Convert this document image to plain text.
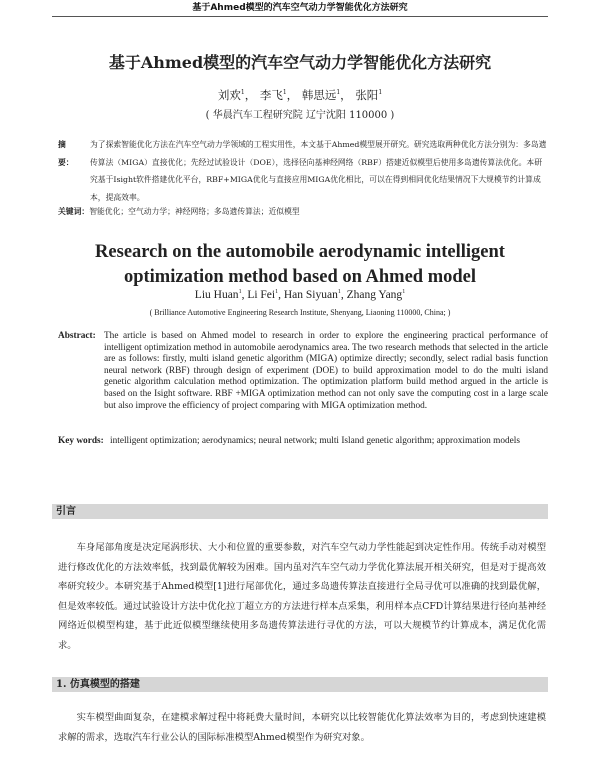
基于Ahmed模型的汽车空气动力学智能优化方法研究
基于Ahmed模型的汽车空气动力学智能优化方法研究
刘欢$^1$， 李飞$^1$， 韩思远$^1$， 张阳$^1$
( 华晨汽车工程研究院 辽宁沈阳 110000 )
摘　要：
为了探索智能优化方法在汽车空气动力学领域的工程实用性，本文基于Ahmed模型展开研究。研究选取两种优化方法分别为：多岛遗传算法（MIGA）直接优化；先经过试验设计（DOE），选择径向基神经网络（RBF）搭建近似模型后使用多岛遗传算法优化。本研究基于Isight软件搭建优化平台，RBF+MIGA优化与直接应用MIGA优化相比，可以在得到相同优化结果情况下大规模节约计算成本，提高效率。
关键词：智能优化；空气动力学；神经网络；多岛遗传算法；近似模型
Research on the automobile aerodynamic intelligent
optimization method based on Ahmed model
Liu Huan$^1$, Li Fei$^1$, Han Siyuan$^1$, Zhang Yang$^1$
( Brilliance Automotive Engineering Research Institute, Shenyang, Liaoning 110000, China; )
Abstract: The article is based on Ahmed model to research in order to explore the engineering practical performance of intelligent optimization method in automobile aerodynamics area. The two research methods that selected in the article are as follows: firstly, multi island genetic algorithm (MIGA) optimize directly; secondly, select radial basis function neural network (RBF) through design of experiment (DOE) to build approximation model to do the multi island genetic algorithm calculation method optimization. The optimization platform build method argued in the article is based on the Isight software. RBF +MIGA optimization method can not only save the computing cost in a large scale but also improve the efficiency of project comparing with MIGA optimization method.
Key words: intelligent optimization; aerodynamics; neural network; multi Island genetic algorithm; approximation models
引言

车身尾部角度是决定尾涡形状、大小和位置的重要参数，对汽车空气动力学性能起到决定性作用。传统手动对模型进行修改优化的方法效率低，找到最优解较为困难。国内虽对汽车空气动力学优化算法展开相关研究，但是对于提高效率研究较少。本研究基于Ahmed模型[1]进行尾部优化，通过多岛遗传算法直接进行全局寻优可以准确的找到最优解，但是效率较低。通过试验设计方法中优化拉丁超立方的方法进行样本点采集，利用样本点CFD计算结果进行径向基神经网络近似模型构建，基于此近似模型继续使用多岛遗传算法进行寻优的方法，可以大规模节约计算成本，满足优化需求。

1. 仿真模型的搭建

实车模型曲面复杂，在建模求解过程中将耗费大量时间，本研究以比较智能优化算法效率为目的，考虑到快速建模求解的需求，选取汽车行业公认的国际标准模型Ahmed模型作为研究对象。
